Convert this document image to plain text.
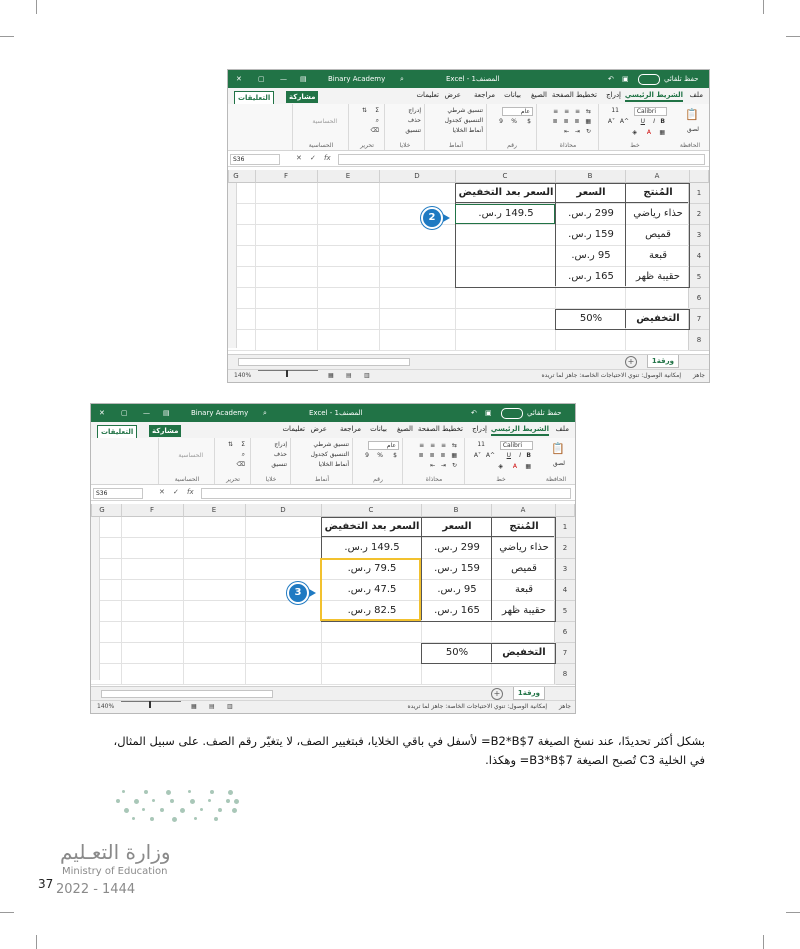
✕ ▢ — ▤	Binary Academy ⌕	Excel - المصنف1	↶ ▣	حفظ تلقائي
ملف
الشريط الرئيسي
إدراج
تخطيط الصفحة
الصيغ
بيانات
مراجعة
عرض
تعليمات
مشاركة
التعليقات
📋
لصق
الحافظة
Calibri
11
B
I
U
A^
A˅
A
◈	▦
خط
≡ ≡ ≡ ⇆
≣ ≣ ≣ ▦
⇤ ⇥ ↻
محاذاة
عام
$
%
9
رقم
تنسيق شرطي
التنسيق كجدول
أنماط الخلايا
أنماط
إدراج
حذف
تنسيق
خلايا
Σ
⇅
⌕
⌫
تحرير
الحساسية
الحساسية
S36	✕ ✓ fx
A
B
C
D
E
F
G
1
المُنتج
السعر
السعر بعد التخفيض
2
حذاء رياضي
299 ر.س.
149.5 ر.س.
3
قميص
159 ر.س.
4
قبعة
95 ر.س.
5
حقيبة ظهر
165 ر.س.
6
7
التخفيض
50%
8
2
ورقة1
+
جاهز
إمكانية الوصول: تنوي الاحتياجات الخاصة: جاهز لما تريده
140%	▦ ▤ ▥
✕ ▢ — ▤	Binary Academy ⌕	Excel - المصنف1	↶ ▣	حفظ تلقائي
ملف
الشريط الرئيسي
إدراج
تخطيط الصفحة
الصيغ
بيانات
مراجعة
عرض
تعليمات
مشاركة
التعليقات
📋
لصق
الحافظة
Calibri
11
B
I
U
A^
A˅
A
◈	▦
خط
≡ ≡ ≡ ⇆
≣ ≣ ≣ ▦
⇤ ⇥ ↻
محاذاة
عام
$
%
9
رقم
تنسيق شرطي
التنسيق كجدول
أنماط الخلايا
أنماط
إدراج
حذف
تنسيق
خلايا
Σ
⇅
⌕
⌫
تحرير
الحساسية
الحساسية
S36	✕ ✓ fx
A
B
C
D
E
F
G
1
المُنتج
السعر
السعر بعد التخفيض
2
حذاء رياضي
299 ر.س.
149.5 ر.س.
3
قميص
159 ر.س.
79.5 ر.س.
4
قبعة
95 ر.س.
47.5 ر.س.
5
حقيبة ظهر
165 ر.س.
82.5 ر.س.
6
7
التخفيض
50%
8
3
ورقة1
+
جاهز
إمكانية الوصول: تنوي الاحتياجات الخاصة: جاهز لما تريده
140%	▦ ▤ ▥
بشكل أكثر تحديدًا، عند نسخ الصيغة B2*B$7= لأسفل في باقي الخلايا، فبتغيير الصف، لا يتغيّر رقم الصف. على سبيل المثال، في الخلية C3 تُصبح الصيغة B3*B$7= وهكذا.
وزارة التعـليم
Ministry of Education
37 2022 - 1444
